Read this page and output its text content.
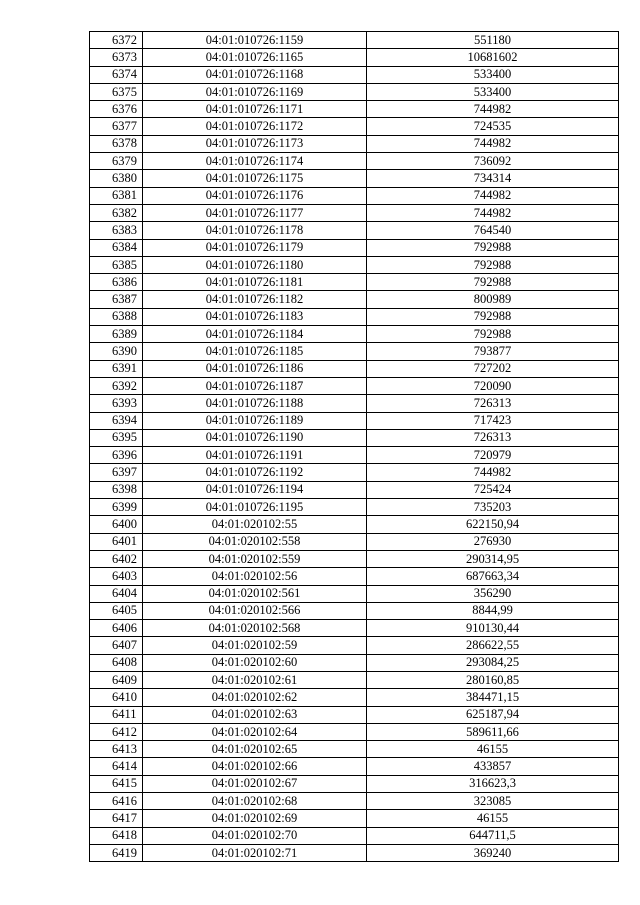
6372	04:01:010726:1159	551180
6373	04:01:010726:1165	10681602
6374	04:01:010726:1168	533400
6375	04:01:010726:1169	533400
6376	04:01:010726:1171	744982
6377	04:01:010726:1172	724535
6378	04:01:010726:1173	744982
6379	04:01:010726:1174	736092
6380	04:01:010726:1175	734314
6381	04:01:010726:1176	744982
6382	04:01:010726:1177	744982
6383	04:01:010726:1178	764540
6384	04:01:010726:1179	792988
6385	04:01:010726:1180	792988
6386	04:01:010726:1181	792988
6387	04:01:010726:1182	800989
6388	04:01:010726:1183	792988
6389	04:01:010726:1184	792988
6390	04:01:010726:1185	793877
6391	04:01:010726:1186	727202
6392	04:01:010726:1187	720090
6393	04:01:010726:1188	726313
6394	04:01:010726:1189	717423
6395	04:01:010726:1190	726313
6396	04:01:010726:1191	720979
6397	04:01:010726:1192	744982
6398	04:01:010726:1194	725424
6399	04:01:010726:1195	735203
6400	04:01:020102:55	622150,94
6401	04:01:020102:558	276930
6402	04:01:020102:559	290314,95
6403	04:01:020102:56	687663,34
6404	04:01:020102:561	356290
6405	04:01:020102:566	8844,99
6406	04:01:020102:568	910130,44
6407	04:01:020102:59	286622,55
6408	04:01:020102:60	293084,25
6409	04:01:020102:61	280160,85
6410	04:01:020102:62	384471,15
6411	04:01:020102:63	625187,94
6412	04:01:020102:64	589611,66
6413	04:01:020102:65	46155
6414	04:01:020102:66	433857
6415	04:01:020102:67	316623,3
6416	04:01:020102:68	323085
6417	04:01:020102:69	46155
6418	04:01:020102:70	644711,5
6419	04:01:020102:71	369240
